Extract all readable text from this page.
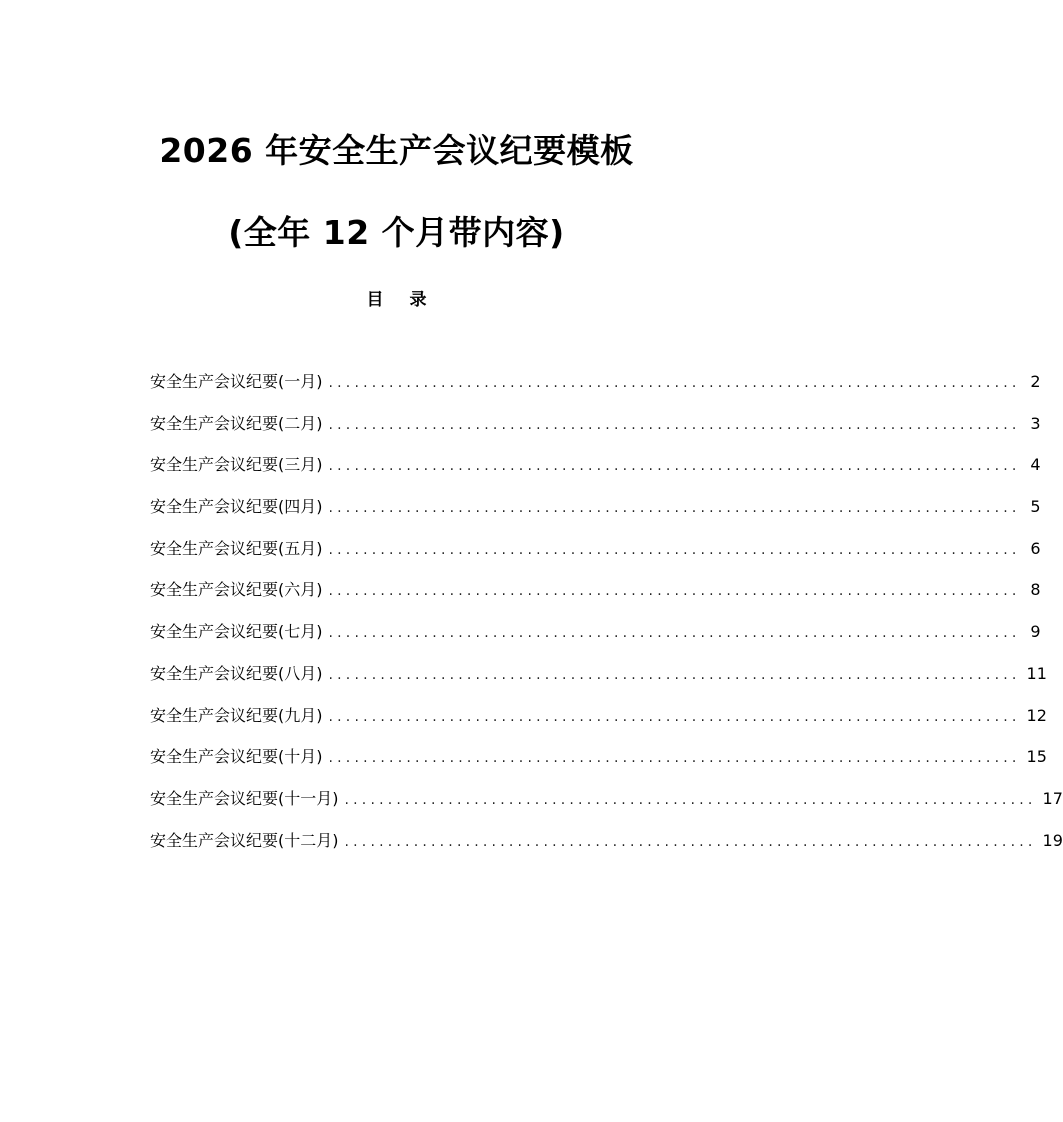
2026 年安全生产会议纪要模板
(全年 12 个月带内容)
目 录
安全生产会议纪要(一月) ................................................................................ 2
安全生产会议纪要(二月) ................................................................................ 3
安全生产会议纪要(三月) ................................................................................ 4
安全生产会议纪要(四月) ................................................................................ 5
安全生产会议纪要(五月) ................................................................................ 6
安全生产会议纪要(六月) ................................................................................ 8
安全生产会议纪要(七月) ................................................................................ 9
安全生产会议纪要(八月) ................................................................................ 11
安全生产会议纪要(九月) ................................................................................ 12
安全生产会议纪要(十月) ................................................................................ 15
安全生产会议纪要(十一月) ................................................................................ 17
安全生产会议纪要(十二月) ................................................................................ 19
